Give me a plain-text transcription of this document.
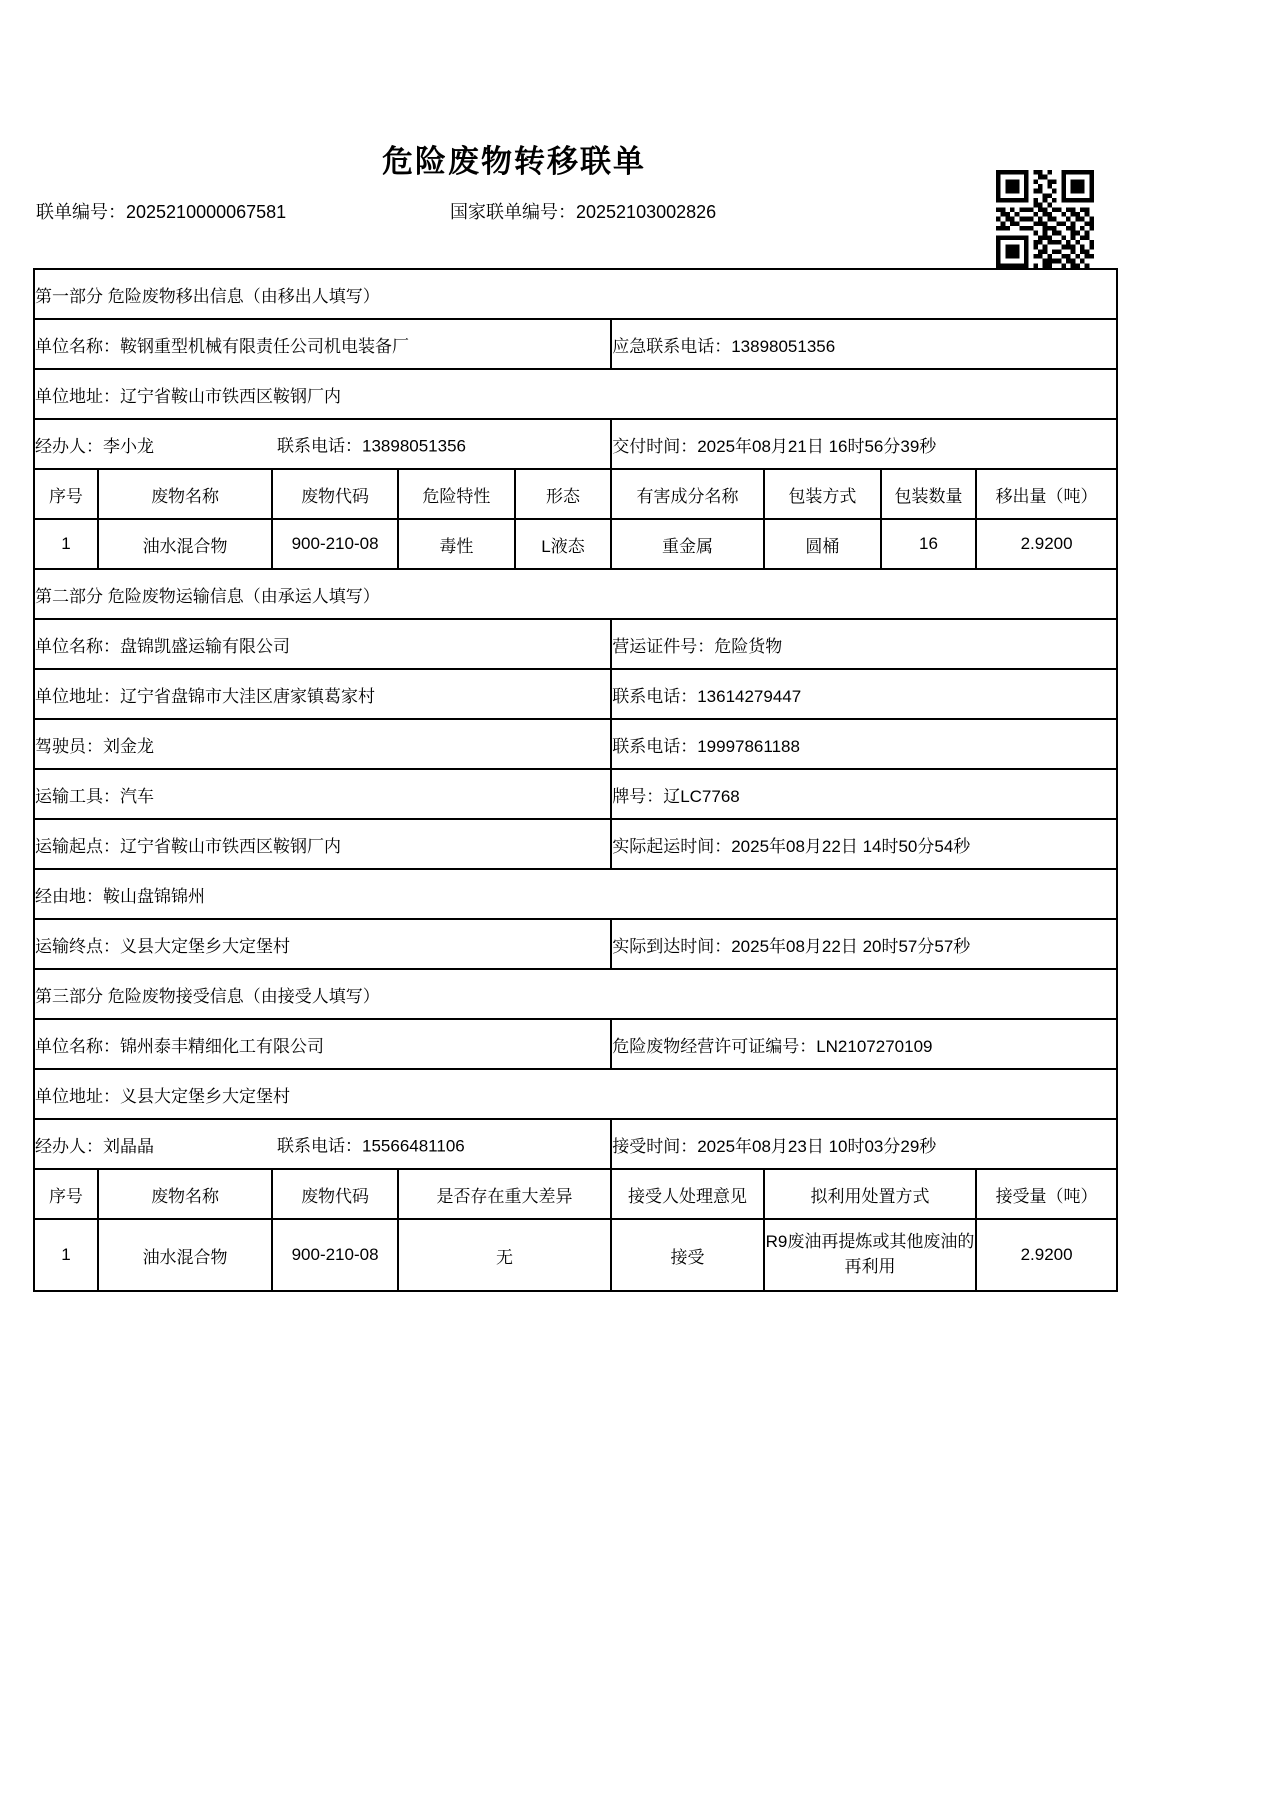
危险废物转移联单
联单编号：2025210000067581	国家联单编号：20252103002826
第一部分 危险废物移出信息（由移出人填写）								
单位名称：鞍钢重型机械有限责任公司机电装备厂					应急联系电话：13898051356			
单位地址：辽宁省鞍山市铁西区鞍钢厂内								
经办人：李小龙 联系电话：13898051356					交付时间：2025年08月21日 16时56分39秒			
序号	废物名称	废物代码	危险特性	形态	有害成分名称	包装方式	包装数量	移出量（吨）
1	油水混合物	900-210-08	毒性	L液态	重金属	圆桶	16	2.9200
第二部分 危险废物运输信息（由承运人填写）								
单位名称：盘锦凯盛运输有限公司					营运证件号：危险货物			
单位地址：辽宁省盘锦市大洼区唐家镇葛家村					联系电话：13614279447			
驾驶员：刘金龙					联系电话：19997861188			
运输工具：汽车					牌号：辽LC7768			
运输起点：辽宁省鞍山市铁西区鞍钢厂内					实际起运时间：2025年08月22日 14时50分54秒			
经由地：鞍山盘锦锦州								
运输终点：义县大定堡乡大定堡村					实际到达时间：2025年08月22日 20时57分57秒			
第三部分 危险废物接受信息（由接受人填写）								
单位名称：锦州泰丰精细化工有限公司					危险废物经营许可证编号：LN2107270109			
单位地址：义县大定堡乡大定堡村								
经办人：刘晶晶 联系电话：15566481106					接受时间：2025年08月23日 10时03分29秒			
序号	废物名称	废物代码	是否存在重大差异		接受人处理意见	拟利用处置方式		接受量（吨）
1	油水混合物	900-210-08	无		接受	R9废油再提炼或其他废油的再利用		2.9200
